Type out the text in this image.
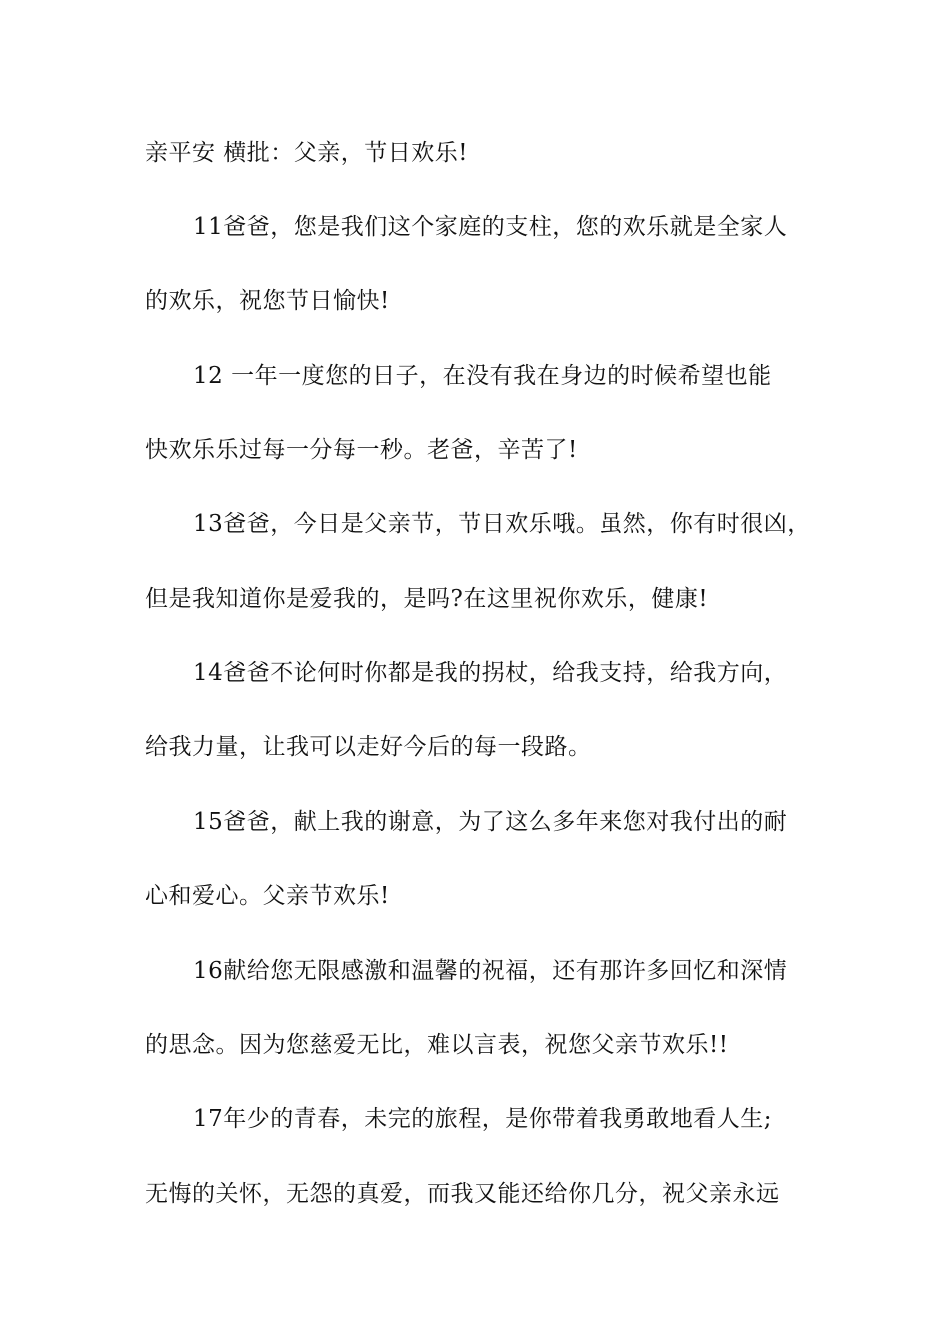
亲平安 横批：父亲，节日欢乐!
11爸爸，您是我们这个家庭的支柱，您的欢乐就是全家人
的欢乐，祝您节日愉快!
12 一年一度您的日子，在没有我在身边的时候希望也能
快欢乐乐过每一分每一秒。老爸，辛苦了!
13爸爸，今日是父亲节，节日欢乐哦。虽然，你有时很凶，
但是我知道你是爱我的，是吗?在这里祝你欢乐，健康!
14爸爸不论何时你都是我的拐杖，给我支持，给我方向，
给我力量，让我可以走好今后的每一段路。
15爸爸，献上我的谢意，为了这么多年来您对我付出的耐
心和爱心。父亲节欢乐!
16献给您无限感激和温馨的祝福，还有那许多回忆和深情
的思念。因为您慈爱无比，难以言表，祝您父亲节欢乐!!
17年少的青春，未完的旅程，是你带着我勇敢地看人生;
无悔的关怀，无怨的真爱，而我又能还给你几分，祝父亲永远
